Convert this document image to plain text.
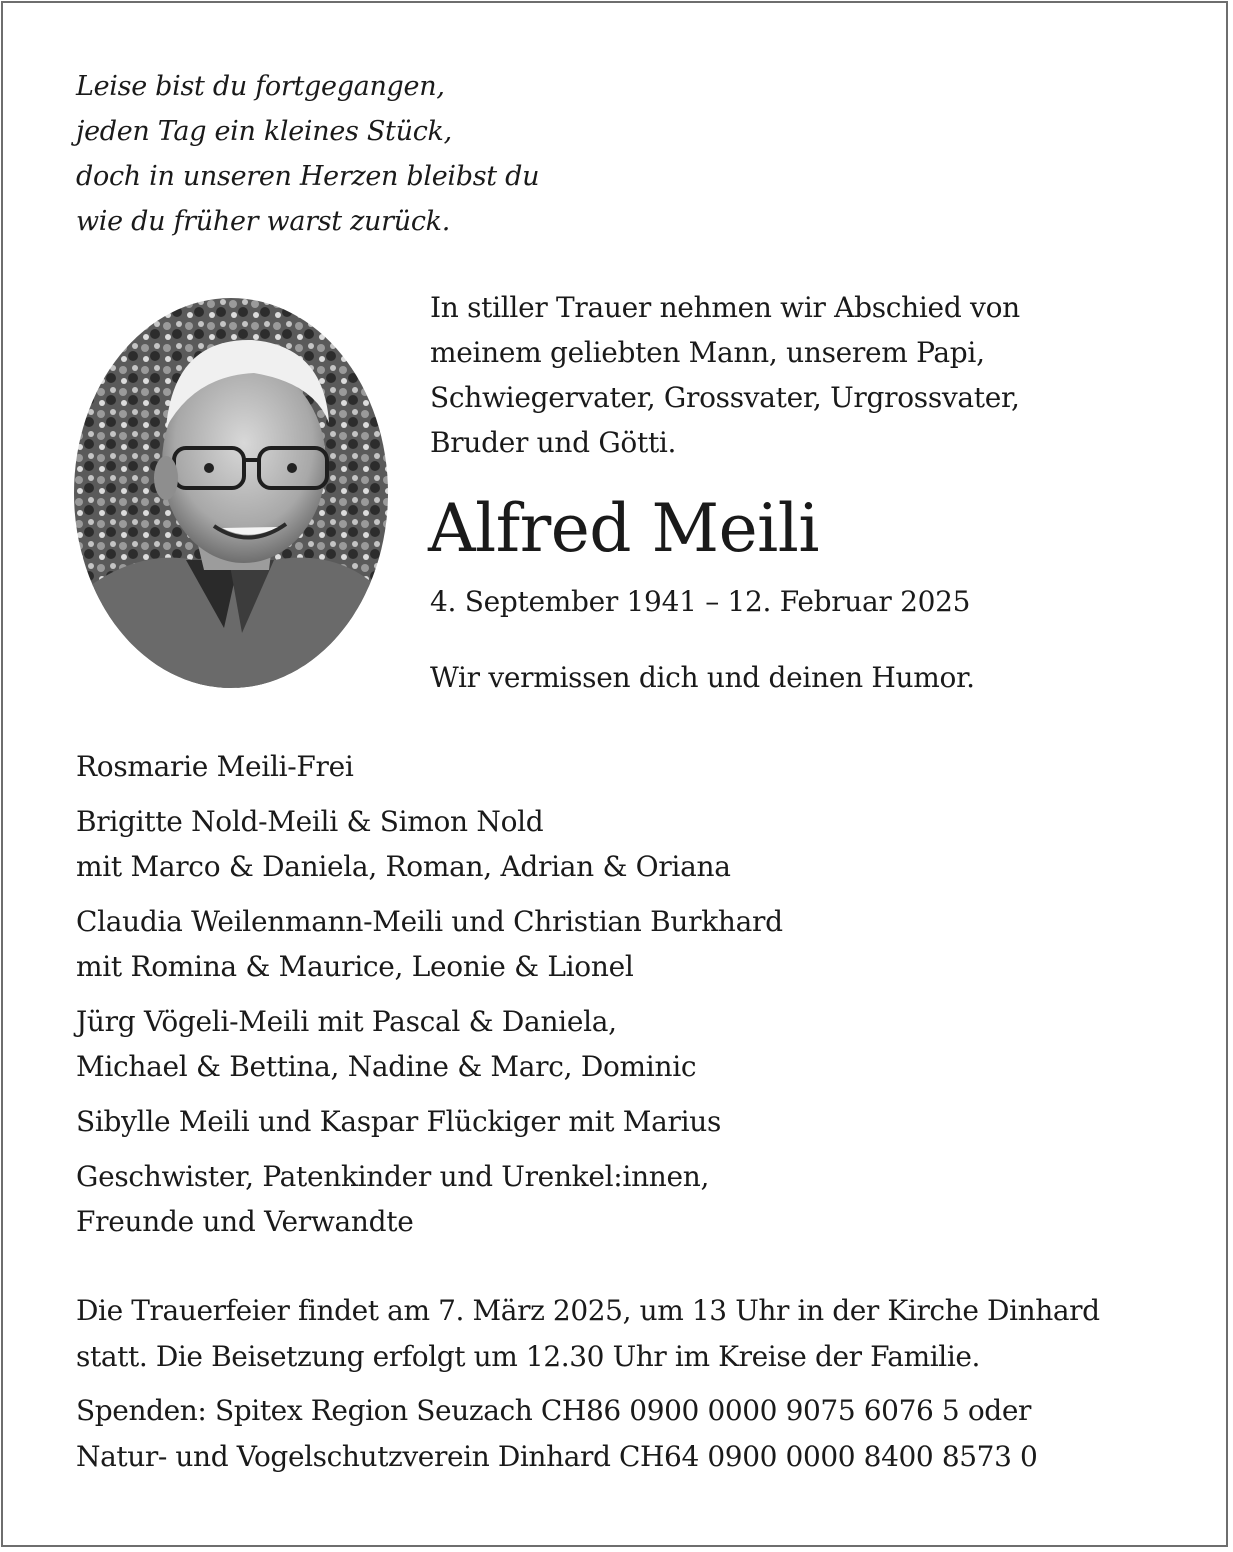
Leise bist du fortgegangen,
jeden Tag ein kleines Stück,
doch in unseren Herzen bleibst du
wie du früher warst zurück.
In stiller Trauer nehmen wir Abschied von
meinem geliebten Mann, unserem Papi,
Schwiegervater, Grossvater, Urgrossvater,
Bruder und Götti.
Alfred Meili
4. September 1941 – 12. Februar 2025
Wir vermissen dich und deinen Humor.
Rosmarie Meili-Frei
Brigitte Nold-Meili & Simon Nold
mit Marco & Daniela, Roman, Adrian & Oriana
Claudia Weilenmann-Meili und Christian Burkhard
mit Romina & Maurice, Leonie & Lionel
Jürg Vögeli-Meili mit Pascal & Daniela,
Michael & Bettina, Nadine & Marc, Dominic
Sibylle Meili und Kaspar Flückiger mit Marius
Geschwister, Patenkinder und Urenkel:innen,
Freunde und Verwandte
Die Trauerfeier findet am 7. März 2025, um 13 Uhr in der Kirche Dinhard
statt. Die Beisetzung erfolgt um 12.30 Uhr im Kreise der Familie.
Spenden: Spitex Region Seuzach CH86 0900 0000 9075 6076 5 oder
Natur- und Vogelschutzverein Dinhard CH64 0900 0000 8400 8573 0
